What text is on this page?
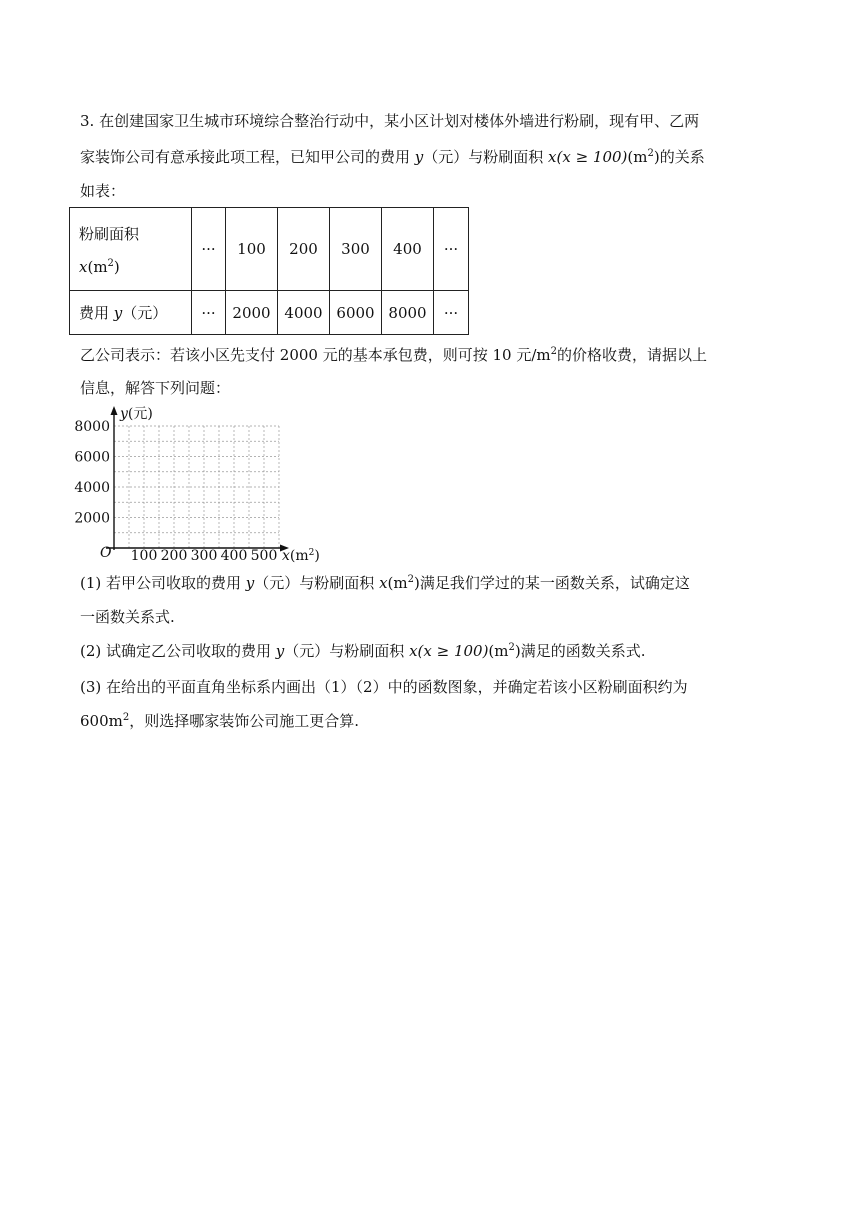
3. 在创建国家卫生城市环境综合整治行动中，某小区计划对楼体外墙进行粉刷，现有甲、乙两
家装饰公司有意承接此项工程，已知甲公司的费用 y（元）与粉刷面积 $x(x \ge 100)(m^2)$的关系
如表：
粉刷面积
$x(m^2)$	···	100	200	300	400	···
费用 y（元）	···	2000	4000	6000	8000	···
乙公司表示：若该小区先支付 2000 元的基本承包费，则可按 10 元$/m^2$的价格收费，请据以上
信息，解答下列问题：
y(元)
$x(m^2)$
O
2000
4000
6000
8000
100 200 300 400 500
(1) 若甲公司收取的费用 y（元）与粉刷面积 $x(m^2)$满足我们学过的某一函数关系，试确定这
一函数关系式.
(2) 试确定乙公司收取的费用 y（元）与粉刷面积 $x(x \ge 100)(m^2)$满足的函数关系式.
(3) 在给出的平面直角坐标系内画出（1）（2）中的函数图象，并确定若该小区粉刷面积约为
$600m^2$，则选择哪家装饰公司施工更合算.
